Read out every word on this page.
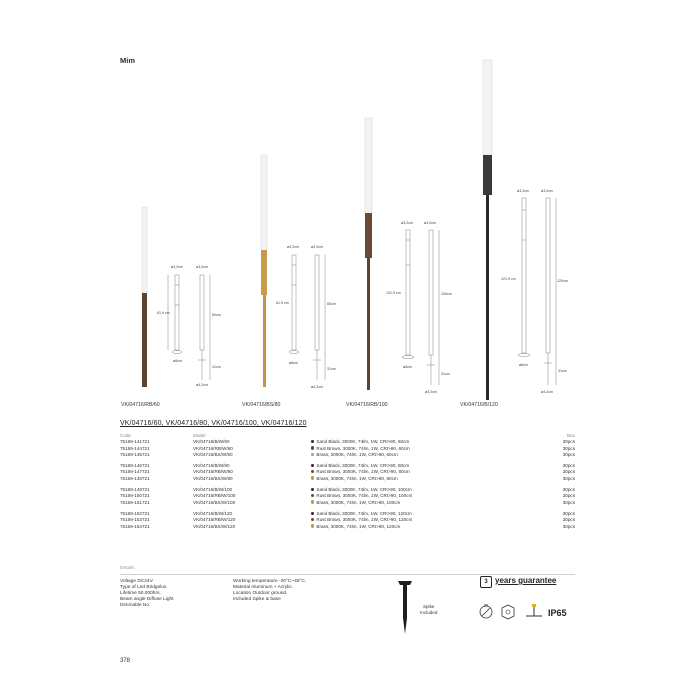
Mim
ø3,2cm	ø3,0cm
60cm
61,9 cm
ø8cm
31cm
ø4,2cm
ø3,2cm	ø3,0cm
80cm
81,9 cm
ø8cm
31cm
ø4,2cm
ø3,2cm	ø3,0cm
100cm
101,9 cm
ø8cm
31cm
ø4,2cm
ø3,2cm	ø3,0cm
120cm
121,9 cm
ø8cm
31cm
ø4,2cm
VK/04716/RB/60	VK/04716/BS/80	VK/04716/RB/100	VK/04716/B/120
VK/04716/60, VK/04716/80, VK/04716/100, VK/04716/120
Code	Model		Box
75169-141721	VK/04716/B/W/60	Sand Black, 3000K, 74lm, 1W, CRI>90, 60cm	30pcs
75169-144721	VK/04716/RB/W/60	Rust Brown, 3000K, 74lm, 1W, CRI>90, 60cm	30pcs
75169-145721	VK/04716/BS/W/60	Brass, 3000K, 74lm, 1W, CRI>90, 60cm	30pcs

75169-146721	VK/04716/B/W/80	Sand Black, 3000K, 74lm, 1W, CRI>90, 80cm	30pcs
75169-147721	VK/04716/RB/W/80	Rust Brown, 3000K, 74lm, 1W, CRI>90, 80cm	30pcs
75169-148721	VK/04716/BS/W/80	Brass, 3000K, 74lm, 1W, CRI>90, 80cm	30pcs

75169-149721	VK/04716/B/W/100	Sand Black, 3000K, 74lm, 1W, CRI>90, 100cm	30pcs
75169-150721	VK/04716/RB/W/100	Rust Brown, 3000K, 74lm, 1W, CRI>90, 100cm	30pcs
75169-151721	VK/04716/BS/W/100	Brass, 3000K, 74lm, 1W, CRI>90, 100cm	30pcs

75169-152721	VK/04716/B/W/120	Sand Black, 3000K, 74lm, 1W, CRI>90, 120cm	30pcs
75169-153721	VK/04716/RB/W/120	Rust Brown, 3000K, 74lm, 1W, CRI>90, 120cm	30pcs
75169-154721	VK/04716/BS/W/120	Brass, 3000K, 74lm, 1W, CRI>90, 120cm	30pcs
Details
Voltage DC24V.
Type of Led Bridgelux
Lifetime 50.000hrs.
Beam angle Diffuse Light
Dimmable No.
Working temperature -20°C~45°C.
Material Aluminum + Acrylic.
Location Outdoor ground.
Included Spike & base
Spike
Included
3 years guarantee
IP65
378
